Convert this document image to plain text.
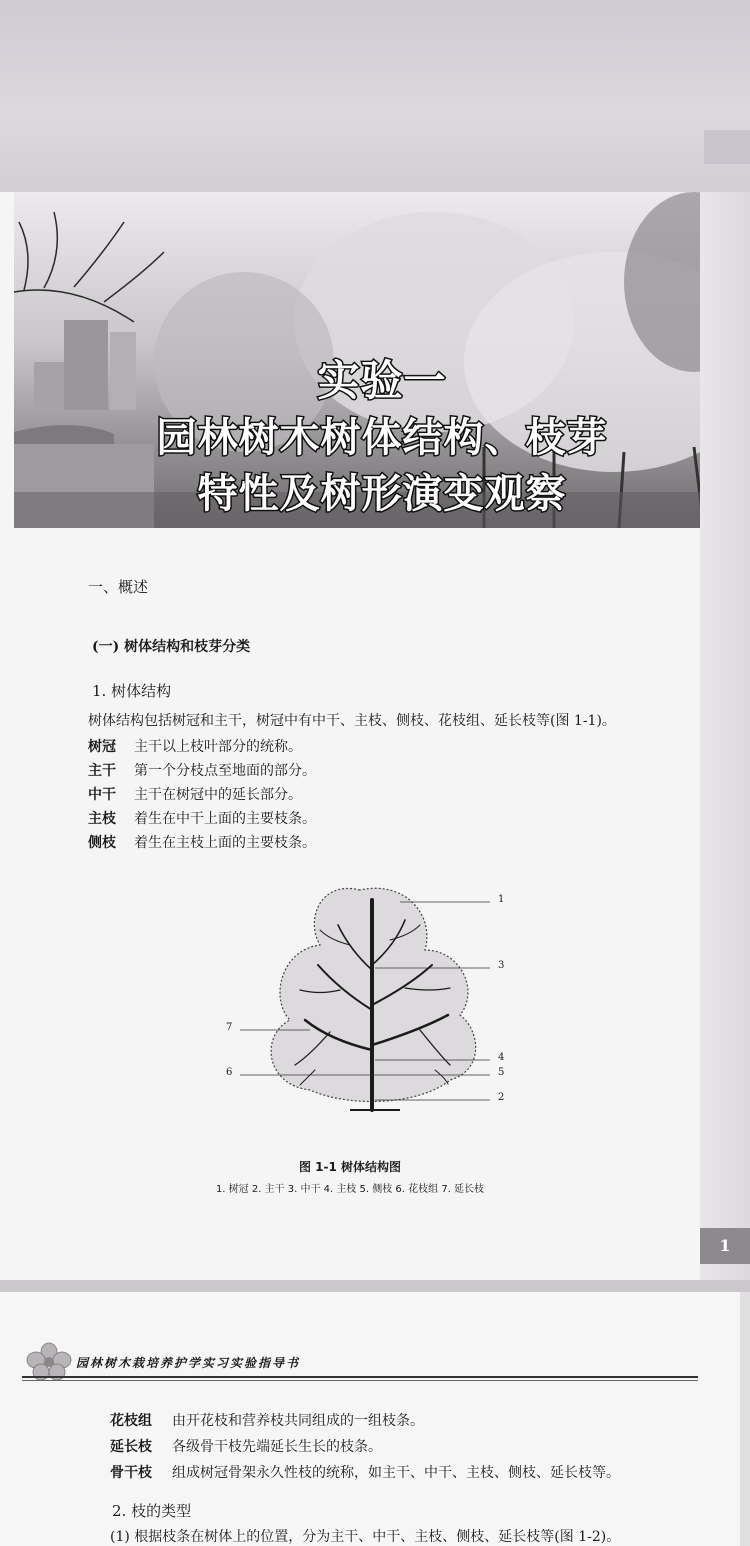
实验一
园林树木树体结构、枝芽
特性及树形演变观察
一、概述
(一) 树体结构和枝芽分类
1. 树体结构
树体结构包括树冠和主干，树冠中有中干、主枝、侧枝、花枝组、延长枝等(图 1-1)。
树冠 主干以上枝叶部分的统称。
主干 第一个分枝点至地面的部分。
中干 主干在树冠中的延长部分。
主枝 着生在中干上面的主要枝条。
侧枝 着生在主枝上面的主要枝条。
1
2
3
4
5
6
7
图 1-1 树体结构图
1. 树冠 2. 主干 3. 中干 4. 主枝 5. 侧枝 6. 花枝组 7. 延长枝
1
园林树木栽培养护学实习实验指导书
花枝组 由开花枝和营养枝共同组成的一组枝条。
延长枝 各级骨干枝先端延长生长的枝条。
骨干枝 组成树冠骨架永久性枝的统称，如主干、中干、主枝、侧枝、延长枝等。
2. 枝的类型
(1) 根据枝条在树体上的位置，分为主干、中干、主枝、侧枝、延长枝等(图 1-2)。
